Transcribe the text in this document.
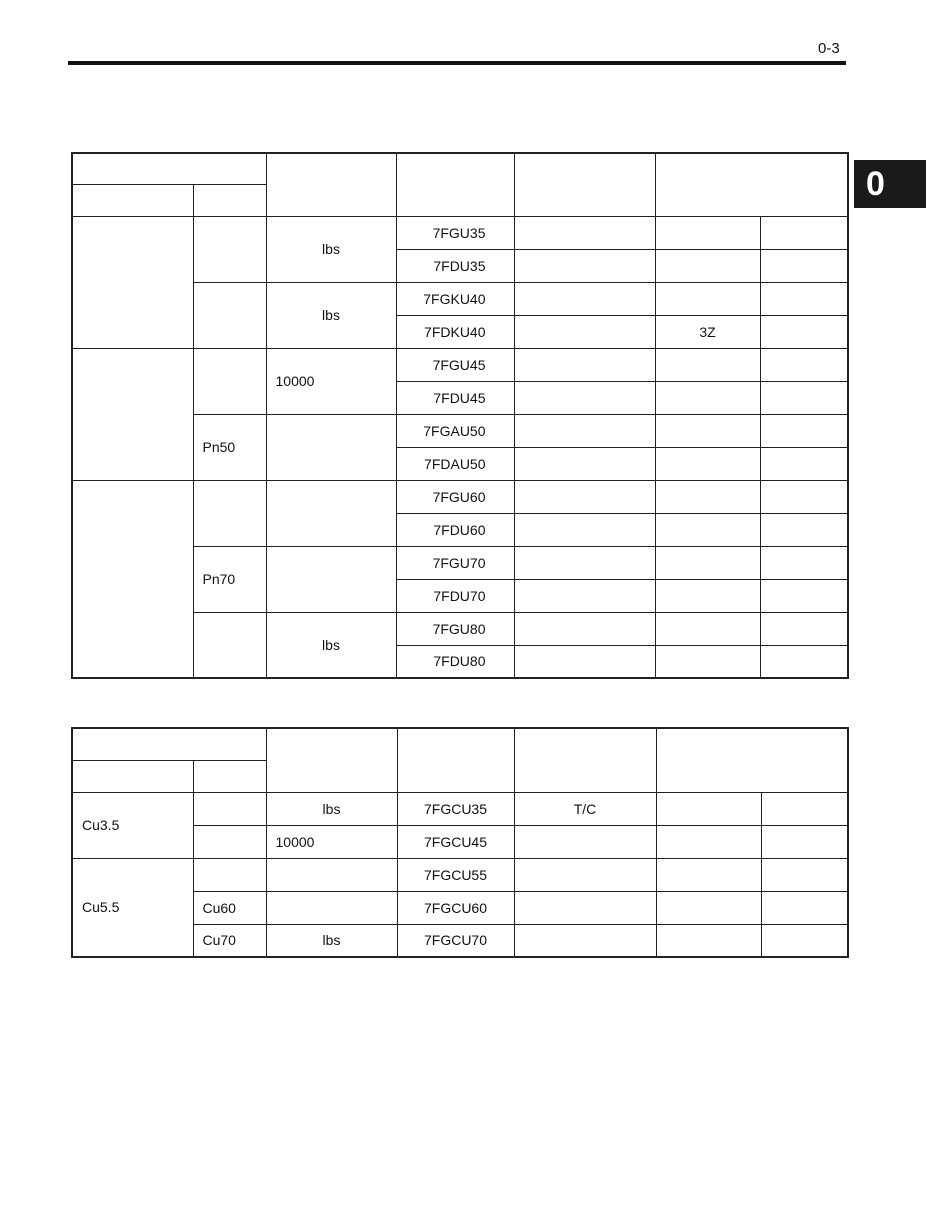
0-3
0

		lbs	7FGU35			
			7FDU35			
		lbs	7FGKU40			
			7FDKU40		3Z	
		10000	7FGU45			
			7FDU45			
	Pn50		7FGAU50			
			7FDAU50			
			7FGU60			
			7FDU60			
	Pn70		7FGU70			
			7FDU70			
		lbs	7FGU80			
			7FDU80			

Cu3.5		lbs	7FGCU35	T/C		
		10000	7FGCU45			
Cu5.5			7FGCU55			
	Cu60		7FGCU60			
	Cu70	lbs	7FGCU70			
